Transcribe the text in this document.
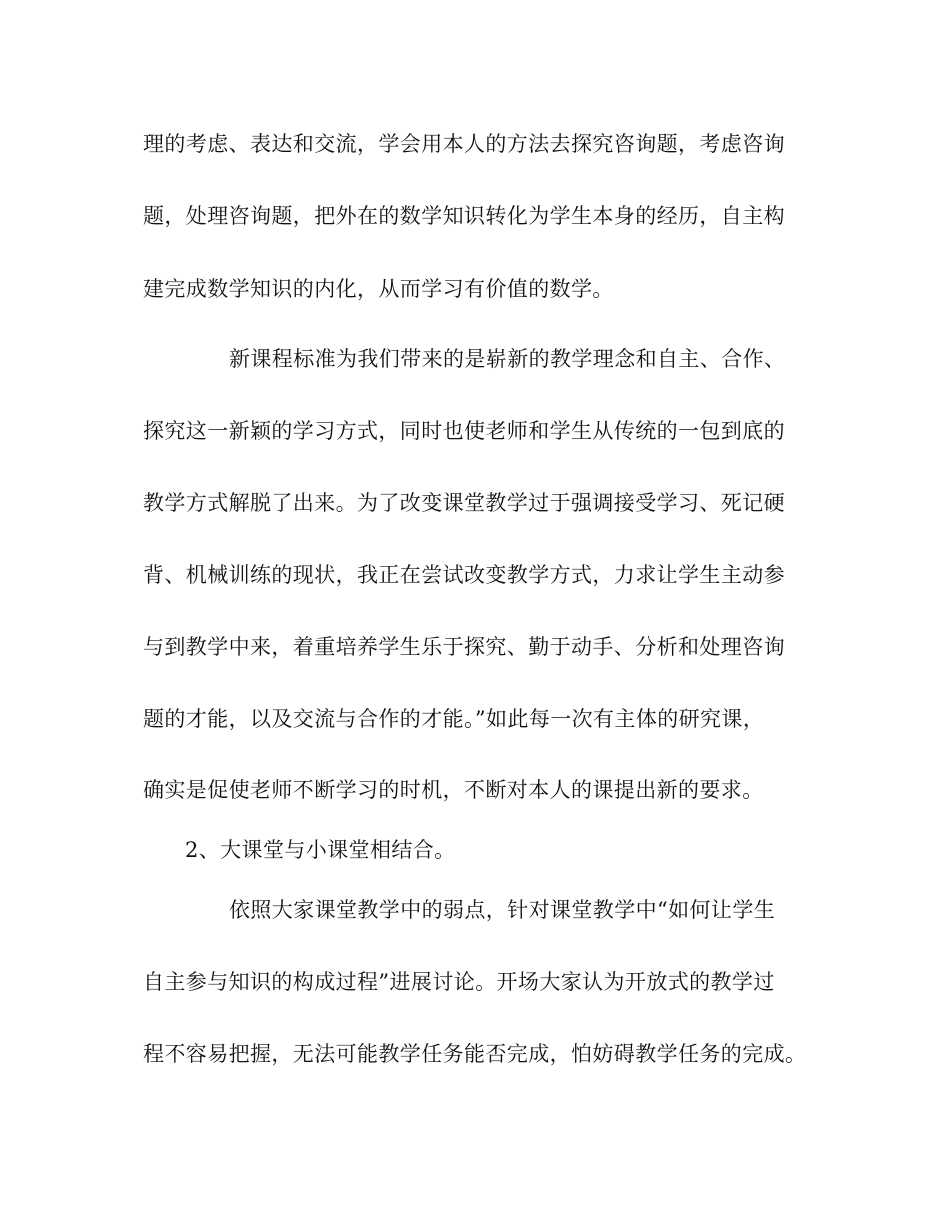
理的考虑、表达和交流，学会用本人的方法去探究咨询题，考虑咨询
题，处理咨询题，把外在的数学知识转化为学生本身的经历，自主构
建完成数学知识的内化，从而学习有价值的数学。
新课程标准为我们带来的是崭新的教学理念和自主、合作、
探究这一新颖的学习方式，同时也使老师和学生从传统的一包到底的
教学方式解脱了出来。为了改变课堂教学过于强调接受学习、死记硬
背、机械训练的现状，我正在尝试改变教学方式，力求让学生主动参
与到教学中来，着重培养学生乐于探究、勤于动手、分析和处理咨询
题的才能，以及交流与合作的才能。”如此每一次有主体的研究课，
确实是促使老师不断学习的时机，不断对本人的课提出新的要求。
2、大课堂与小课堂相结合。
依照大家课堂教学中的弱点，针对课堂教学中“如何让学生
自主参与知识的构成过程”进展讨论。开场大家认为开放式的教学过
程不容易把握，无法可能教学任务能否完成，怕妨碍教学任务的完成。
